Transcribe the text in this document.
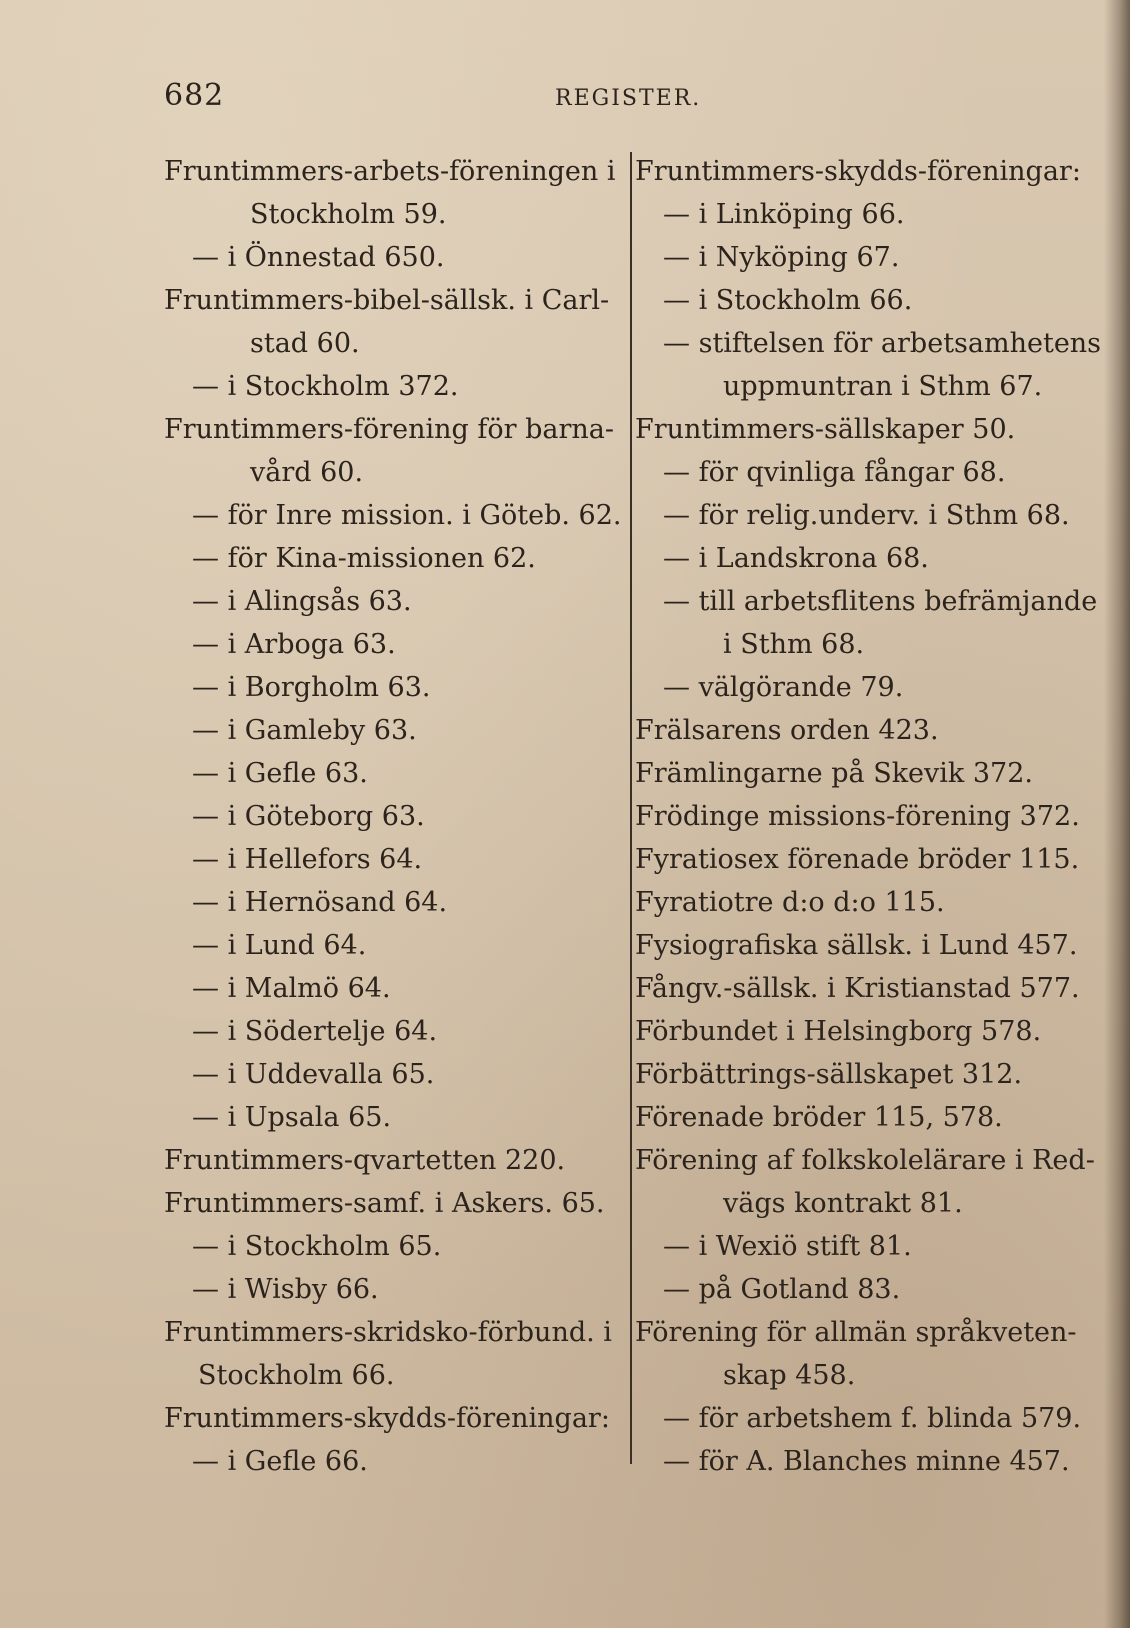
682	REGISTER.
Fruntimmers-arbets-föreningen i
Stockholm 59.
— i Önnestad 650.
Fruntimmers-bibel-sällsk. i Carl-
stad 60.
— i Stockholm 372.
Fruntimmers-förening för barna-
vård 60.
— för Inre mission. i Göteb. 62.
— för Kina-missionen 62.
— i Alingsås 63.
— i Arboga 63.
— i Borgholm 63.
— i Gamleby 63.
— i Gefle 63.
— i Göteborg 63.
— i Hellefors 64.
— i Hernösand 64.
— i Lund 64.
— i Malmö 64.
— i Södertelje 64.
— i Uddevalla 65.
— i Upsala 65.
Fruntimmers-qvartetten 220.
Fruntimmers-samf. i Askers. 65.
— i Stockholm 65.
— i Wisby 66.
Fruntimmers-skridsko-förbund. i
Stockholm 66.
Fruntimmers-skydds-föreningar:
— i Gefle 66.
Fruntimmers-skydds-föreningar:
— i Linköping 66.
— i Nyköping 67.
— i Stockholm 66.
— stiftelsen för arbetsamhetens
uppmuntran i Sthm 67.
Fruntimmers-sällskaper 50.
— för qvinliga fångar 68.
— för relig.underv. i Sthm 68.
— i Landskrona 68.
— till arbetsflitens befrämjande
i Sthm 68.
— välgörande 79.
Frälsarens orden 423.
Främlingarne på Skevik 372.
Frödinge missions-förening 372.
Fyratiosex förenade bröder 115.
Fyratiotre d:o d:o 115.
Fysiografiska sällsk. i Lund 457.
Fångv.-sällsk. i Kristianstad 577.
Förbundet i Helsingborg 578.
Förbättrings-sällskapet 312.
Förenade bröder 115, 578.
Förening af folkskolelärare i Red-
vägs kontrakt 81.
— i Wexiö stift 81.
— på Gotland 83.
Förening för allmän språkveten-
skap 458.
— för arbetshem f. blinda 579.
— för A. Blanches minne 457.
